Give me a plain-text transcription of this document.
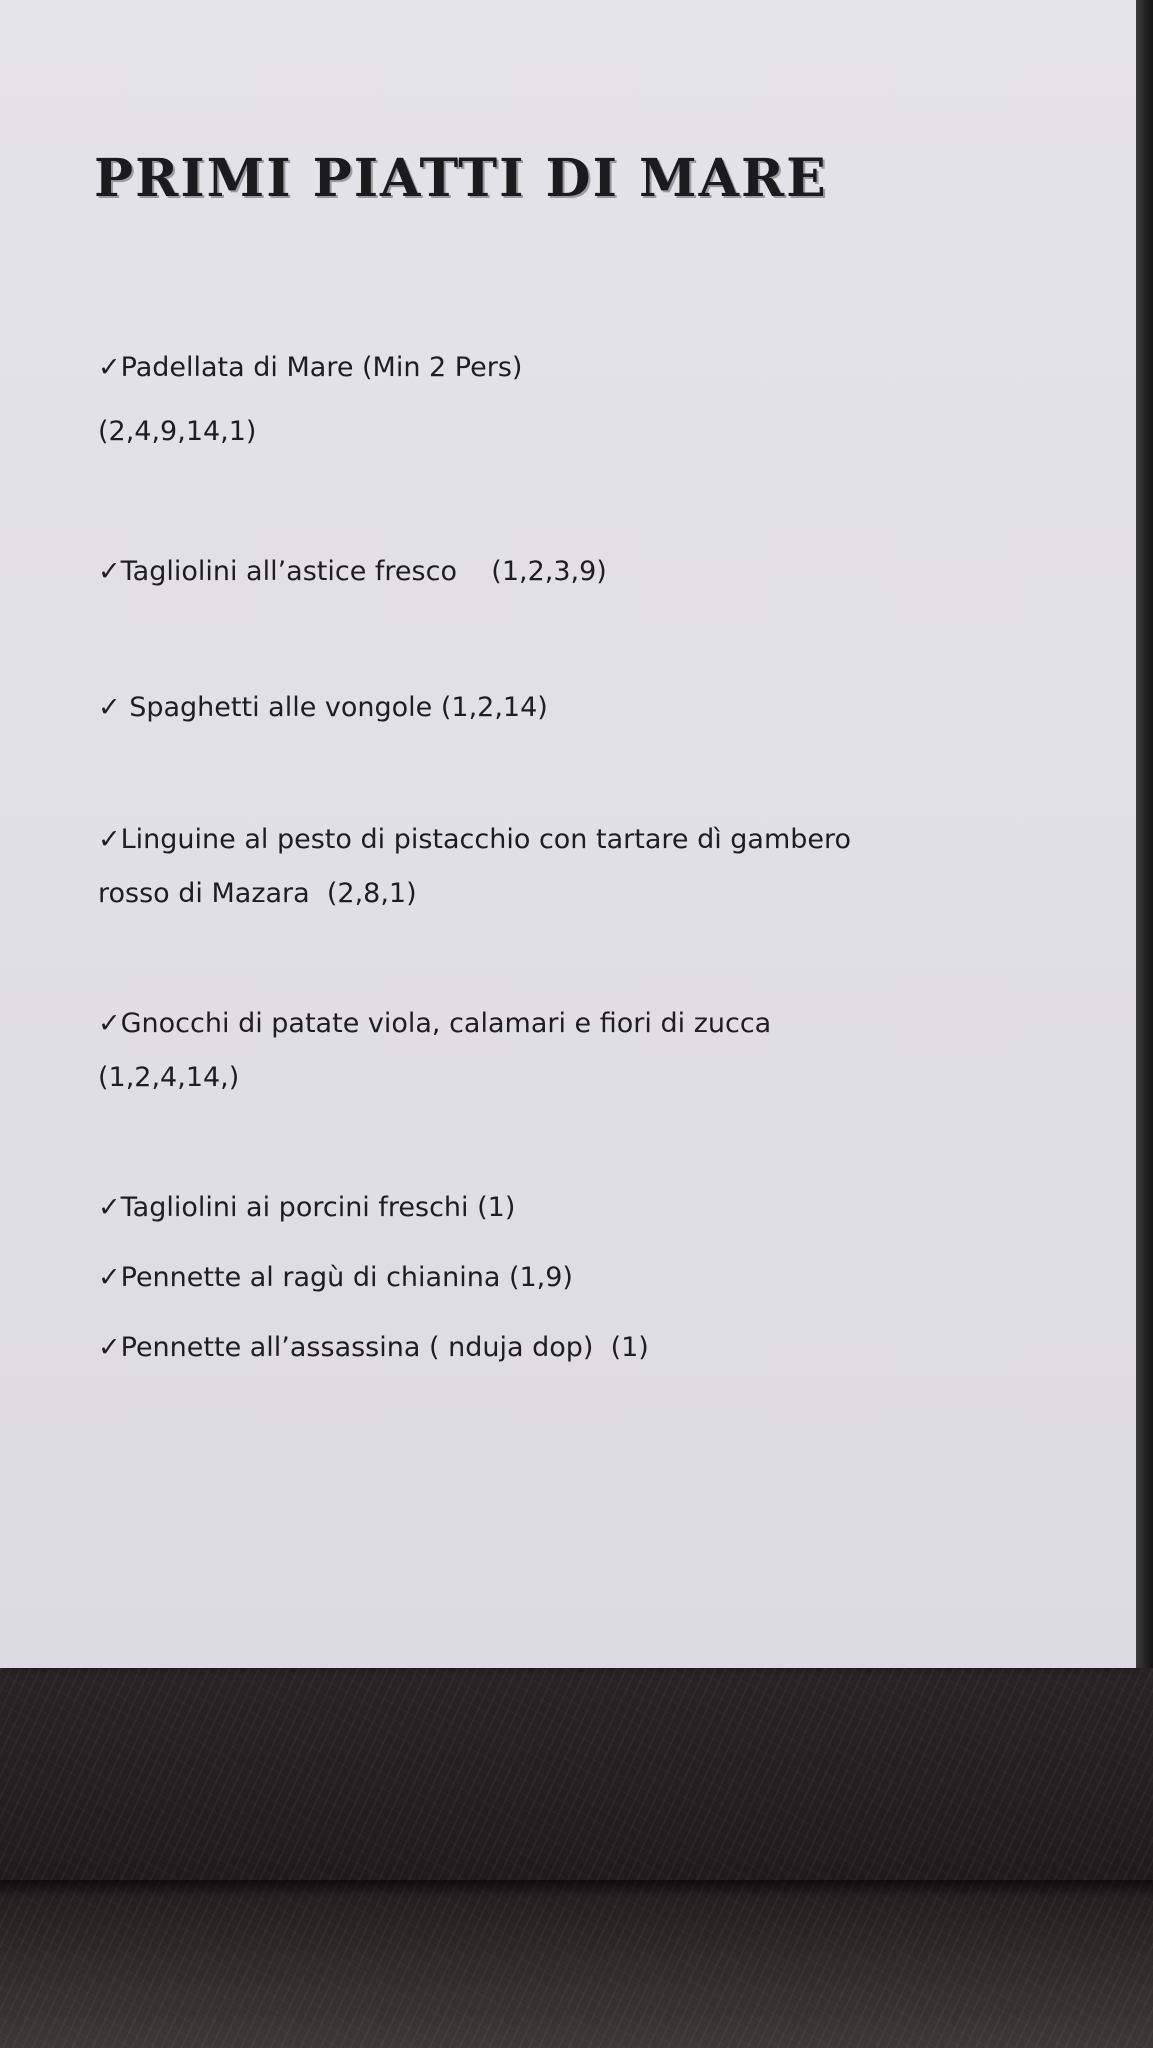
PRIMI PIATTI DI MARE
✓Padellata di Mare (Min 2 Pers)
(2,4,9,14,1)
✓Tagliolini all’astice fresco    (1,2,3,9)
✓ Spaghetti alle vongole (1,2,14)
✓Linguine al pesto di pistacchio con tartare dì gambero
rosso di Mazara  (2,8,1)
✓Gnocchi di patate viola, calamari e fiori di zucca
(1,2,4,14,)
✓Tagliolini ai porcini freschi (1)
✓Pennette al ragù di chianina (1,9)
✓Pennette all’assassina ( nduja dop)  (1)
